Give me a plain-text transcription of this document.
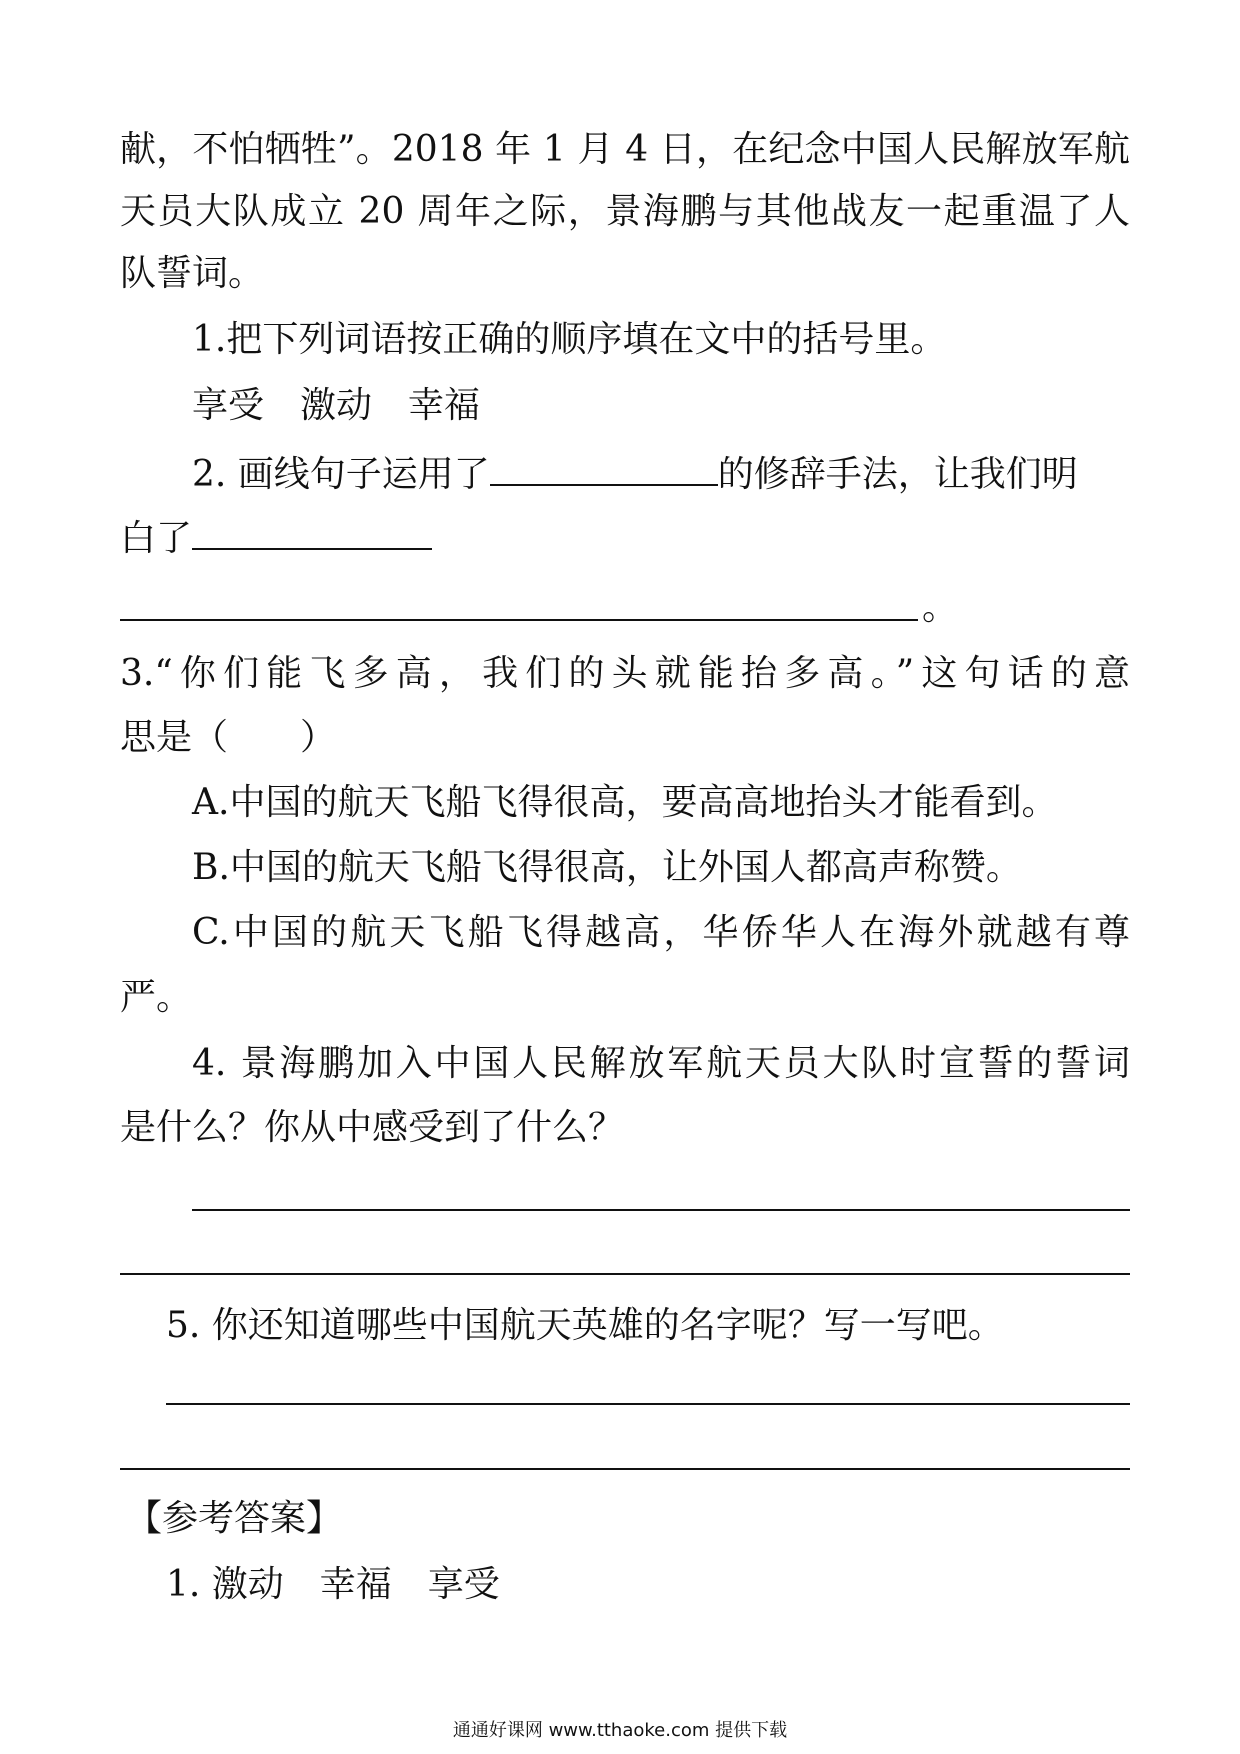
献，不怕牺牲”。2018 年 1 月 4 日，在纪念中国人民解放军航
天员大队成立 20 周年之际，景海鹏与其他战友一起重温了人
队誓词。
1.把下列词语按正确的顺序填在文中的括号里。
享受　激动　幸福
2. 画线句子运用了	的修辞手法，让我们明
白了
。
3.“你们能飞多高，我们的头就能抬多高。”这句话的意
思是（　　）
A.中国的航天飞船飞得很高，要高高地抬头才能看到。
B.中国的航天飞船飞得很高，让外国人都高声称赞。
C.中国的航天飞船飞得越高，华侨华人在海外就越有尊
严。
4. 景海鹏加入中国人民解放军航天员大队时宣誓的誓词
是什么？你从中感受到了什么？
5. 你还知道哪些中国航天英雄的名字呢？写一写吧。
【参考答案】
1. 激动　幸福　享受
通通好课网 www.tthaoke.com 提供下载
